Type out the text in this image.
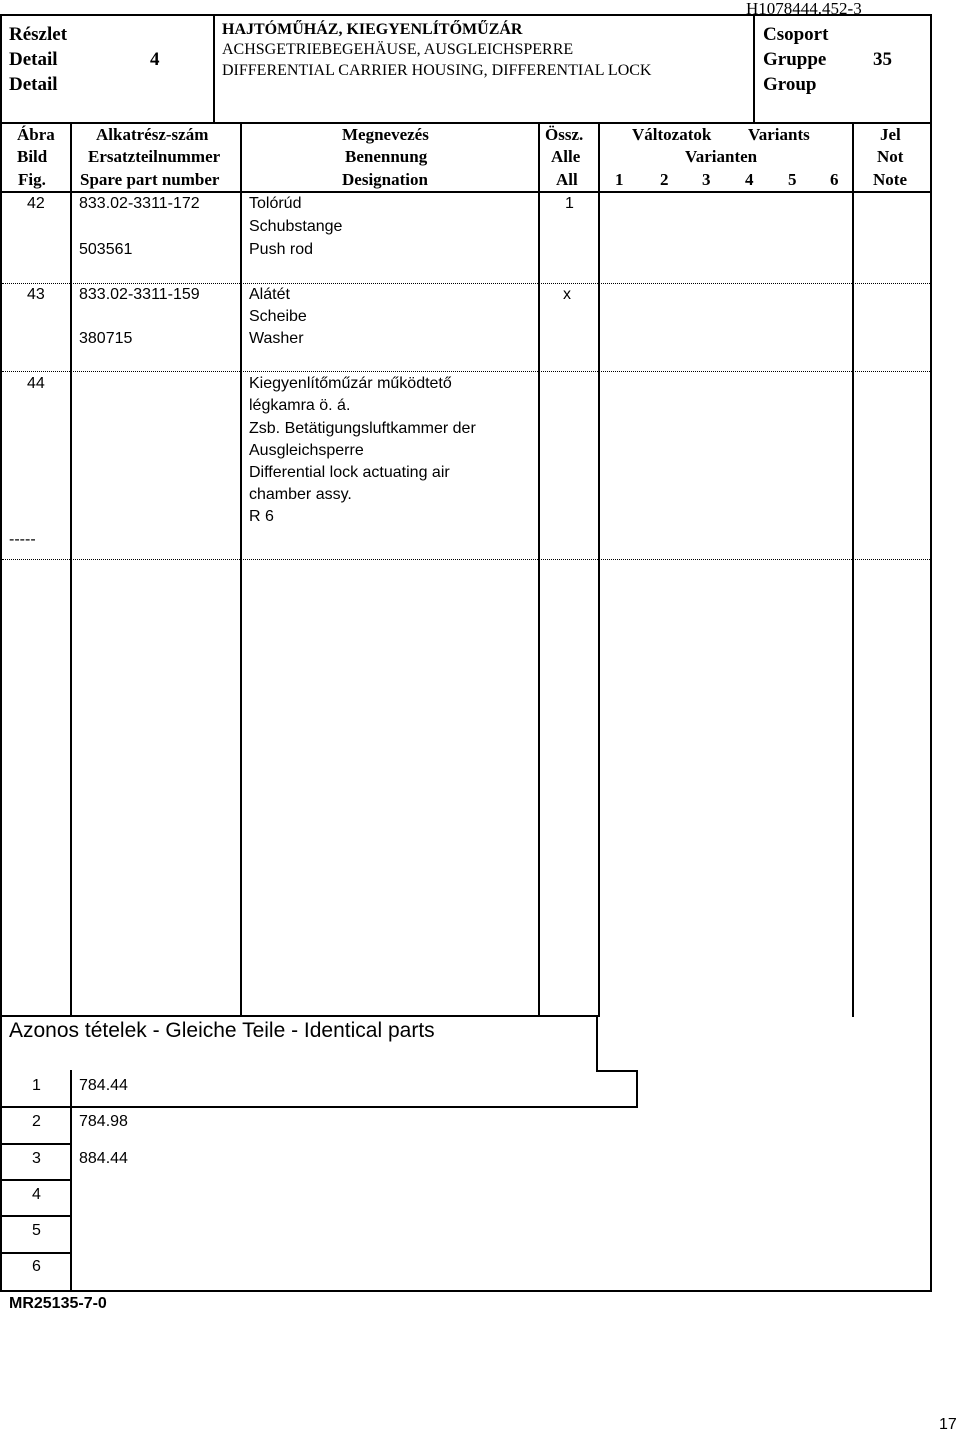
H1078444.452-3
Részlet
Detail
Detail
4
HAJTÓMŰHÁZ, KIEGYENLÍTŐMŰZÁR
ACHSGETRIEBEGEHÄUSE, AUSGLEICHSPERRE
DIFFERENTIAL CARRIER HOUSING, DIFFERENTIAL LOCK
Csoport
Gruppe
Group
35
Ábra
Bild
Fig.
Alkatrész-szám
Ersatzteilnummer
Spare part number
Megnevezés
Benennung
Designation
Össz.
Alle
All
Változatok Variants
Varianten
1 2 3 4 5 6
Jel
Not
Note
42 833.02-3311-172
503561
Tolórúd
Schubstange
Push rod
1
43 833.02-3311-159
380715
Alátét
Scheibe
Washer
x
44	Kiegyenlítőműzár működtető
légkamra ö. á.
Zsb. Betätigungsluftkammer der
Ausgleichsperre
Differential lock actuating air
chamber assy.
R 6
-----
Azonos tételek - Gleiche Teile - Identical parts
1 784.44
2 784.98
3 884.44
4
5
6
MR25135-7-0
17
